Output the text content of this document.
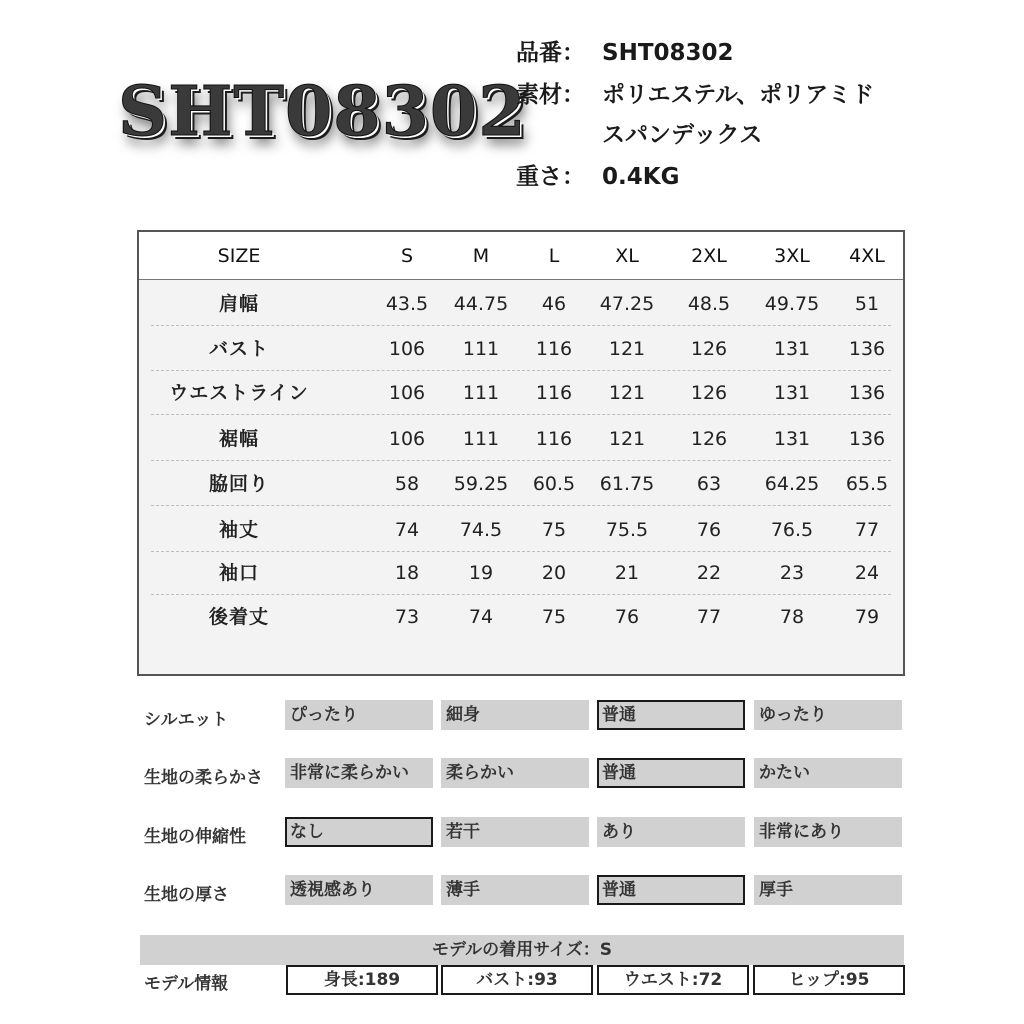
SHT08302
品番： SHT08302
素材： ポリエステル、ポリアミド
スパンデックス
重さ： 0.4KG
SIZE	S	M	L	XL	2XL	3XL	4XL
肩幅	43.5	44.75	46	47.25	48.5	49.75	51
バスト	106	111	116	121	126	131	136
ウエストライン	106	111	116	121	126	131	136
裾幅	106	111	116	121	126	131	136
脇回り	58	59.25	60.5	61.75	63	64.25	65.5
袖丈	74	74.5	75	75.5	76	76.5	77
袖口	18	19	20	21	22	23	24
後着丈	73	74	75	76	77	78	79
シルエット	ぴったり	細身	普通	ゆったり
生地の柔らかさ 非常に柔らかい	柔らかい	普通	かたい
生地の伸縮性	なし	若干	あり	非常にあり
生地の厚さ	透視感あり	薄手	普通	厚手
モデルの着用サイズ：S
モデル情報	身長:189	バスト:93	ウエスト:72	ヒップ:95
